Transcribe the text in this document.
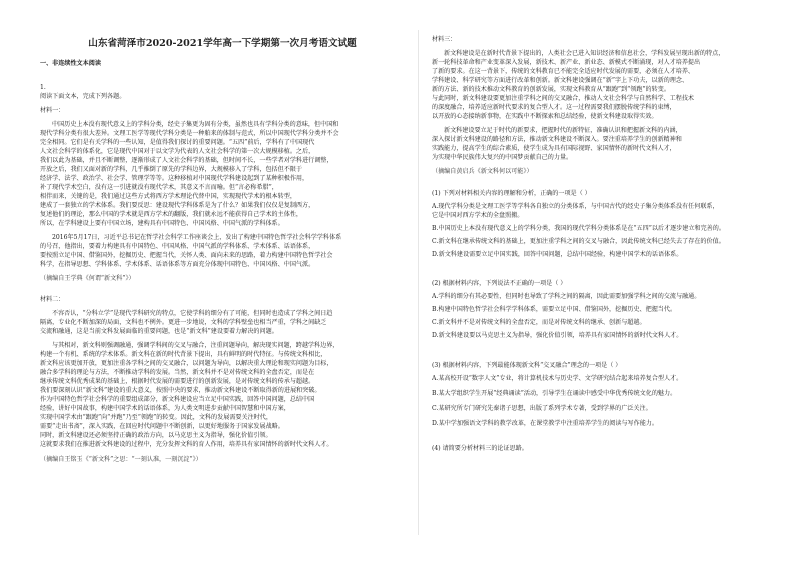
山东省菏泽市2020-2021学年高一下学期第一次月考语文试题

一、非连续性文本阅读

1.

阅读下面文本，完成下列各题。

材料一：

中国历史上本没有现代意义上的学科分类，经史子集更为固有分类，虽然也具有学科分类的意味，但中国和

现代学科分类有很大差异。文理工医学等现代学科分类是一种舶来的体制与范式，所以中国现代学科分类并不会

完全相同。它们是有关学科的一些认知，是值得我们探讨的重要问题。“五四”前后，学科有了中国现代

人文社会科学的体系化，它是现代中国对于以文学为代表的人文社会科学的第一次大规模移植。之后，

我们以此为基础，并且不断调整，逐渐形成了人文社会科学的基础，但时间不长，一些学者对学科进行调整，

开放之后，我们又面对新的学科，几乎推倒了原先的学科边界，大规模移入了学科，包括但不限于

经济学、法学、政治学、社会学、管理学等等。这种移植对中国现代学科建设起到了某种积极作用，

补了现代学术空白，没有这一引进就没有现代学术，其意义不言而喻。但“言必称希腊”，

相伴而来，关键的是，我们通过这些方式将西方学术理论代替中国，实现现代学术的根本转型，

建成了一套独立的学术体系。我们要反思：建设现代学科体系是为了什么？如果我们仅仅是复制西方，

复述他们的理论，那么中国的学术就是西方学术的翻版，我们就永远不能获得自己学术的主体性，

所以，在学科建设上要有中国立场，建构具有中国特色、中国风格、中国气派的学科体系。

2016年5月17日，习近平总书记在哲学社会科学工作座谈会上，发出了构建中国特色哲学社会科学学科体系

的号召，他指出，要着力构建具有中国特色、中国风格、中国气派的学科体系、学术体系、话语体系，

要按照立足中国、借鉴国外，挖掘历史、把握当代，关怀人类、面向未来的思路，着力构建中国特色哲学社会

科学，在指导思想、学科体系、学术体系、话语体系等方面充分体现中国特色、中国风格、中国气派。

（摘编自王学典《何谓“新文科”》）

材料二：

不容否认，“分科立学”是现代学科研究的特点，它使学科的细分有了可能，但同时也造成了学科之间日趋

隔离，专业化不断加深的局面，文科也不例外。更进一步地说，文科的学科壁垒也相当严重，学科之间缺乏

交流和融通，这是当前文科发展面临的重要问题，也是“新文科”建设要着力解决的问题。

与其相对，新文科则强调融通，强调学科间的交叉与融合，注重问题导向，解决现实问题，跨越学科边界，

构建一个有机、系统的学术体系。新文科在新的时代背景下提出，具有鲜明的时代特征。与传统文科相比，

新文科应该更加开放，更加注重各学科之间的交叉融合，以问题为导向，以解决重大理论和现实问题为目标，

融合多学科的理论与方法，不断推动学科的发展。当然，新文科并不是对传统文科的全盘否定，而是在

继承传统文科优秀成果的基础上，根据时代发展的需要进行的创新发展，是对传统文科的传承与超越。

我们要深刻认识“新文科”建设的重大意义，按照中央的要求，推动新文科建设不断取得新的进展和突破。

作为中国特色哲学社会科学的重要组成部分，新文科建设应当立足中国实践，回答中国问题，总结中国

经验，讲好中国故事，构建中国学术的话语体系，为人类文明进步贡献中国智慧和中国方案，

实现中国学术由“跟跑”向“并跑”乃至“领跑”的转变。因此，文科的发展需要关注时代，

需要“走出书斋”，深入实践，在回应时代问题中不断创新，以更好地服务于国家发展战略。

同时，新文科建设还必须坚持正确的政治方向，以马克思主义为指导，强化价值引领。

这就要求我们在推进新文科建设的过程中，充分发挥文科的育人作用，培养具有家国情怀的新时代文科人才。

（摘编自王铭玉《“新文科”之思：“一刻认准，一刻沉淀”》）

材料三：

新文科建设是在新时代背景下提出的，人类社会已进入知识经济和信息社会，学科发展呈现出新的特点，

新一轮科技革命和产业变革深入发展，新技术、新产业、新业态、新模式不断涌现，对人才培养提出

了新的要求。在这一背景下，传统的文科教育已不能完全适应时代发展的需要，必须在人才培养、

学科建设、科学研究等方面进行改革和创新。新文科建设强调在“新”字上下功夫，以新的理念、

新的方法、新的技术推动文科教育的创新发展，实现文科教育从“跟跑”到“领跑”的转变。

与此同时，新文科建设要更加注重学科之间的交叉融合，推动人文社会科学与自然科学、工程技术

的深度融合，培养适应新时代要求的复合型人才。这一过程需要我们摆脱传统学科的束缚，

以开放的心态接纳新事物，在实践中不断探索和总结经验，使新文科建设取得实效。

新文科建设要立足于时代的新要求，把握时代的新特征，准确认识和把握新文科的内涵，

深入探讨新文科建设的路径和方法，推动新文科建设不断深入。要注重培养学生的创新精神和

实践能力，提高学生的综合素质，使学生成为具有国际视野、家国情怀的新时代文科人才，

为实现中华民族伟大复兴的中国梦贡献自己的力量。

（摘编自黄启兵《新文科何以可能》）

(1) 下列对材料相关内容的理解和分析，正确的一项是（ ）

A.现代学科分类是文理工医学等学科各自独立的分类体系，与中国古代的经史子集分类体系没有任何联系，

它是中国对西方学术的全盘照搬。

B.中国历史上本没有现代意义上的学科分类，我国的现代学科分类体系是在“五四”以后才逐步建立和完善的。

C.新文科在继承传统文科的基础上，更加注重学科之间的交叉与融合，因此传统文科已经失去了存在的价值。

D.新文科建设需要立足中国实践，回答中国问题，总结中国经验，构建中国学术的话语体系。

(2) 根据材料内容，下列说法不正确的一项是（ ）

A.学科的细分有其必要性，但同时也导致了学科之间的隔离，因此需要加强学科之间的交流与融通。

B.构建中国特色哲学社会科学学科体系，需要立足中国、借鉴国外，挖掘历史、把握当代。

C.新文科并不是对传统文科的全盘否定，而是对传统文科的继承、创新与超越。

D.新文科建设要以马克思主义为指导，强化价值引领，培养具有家国情怀的新时代文科人才。

(3) 根据材料内容，下列最能体现新文科“交叉融合”理念的一项是（ ）

A.某高校开设“数字人文”专业，将计算机技术与历史学、文学研究结合起来培养复合型人才。

B.某大学组织学生开展“经典诵读”活动，引导学生在诵读中感受中华优秀传统文化的魅力。

C.某研究所专门研究先秦诸子思想，出版了系列学术专著，受到学界的广泛关注。

D.某中学加强语文学科的教学改革，在课堂教学中注重培养学生的阅读与写作能力。

(4) 请简要分析材料三的论证思路。
